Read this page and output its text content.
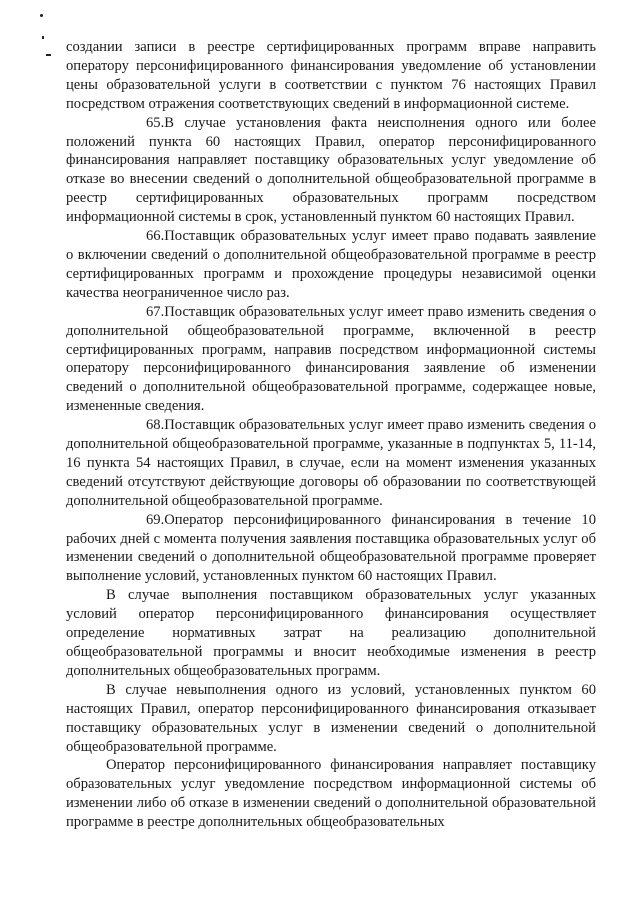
создании записи в реестре сертифицированных программ вправе направить оператору персонифицированного финансирования уведомление об установлении цены образовательной услуги в соответствии с пунктом 76 настоящих Правил посредством отражения соответствующих сведений в информационной системе.

65.В случае установления факта неисполнения одного или более положений пункта 60 настоящих Правил, оператор персонифицированного финансирования направляет поставщику образовательных услуг уведомление об отказе во внесении сведений о дополнительной общеобразовательной программе в реестр сертифицированных образовательных программ посредством информационной системы в срок, установленный пунктом 60 настоящих Правил.

66.Поставщик образовательных услуг имеет право подавать заявление о включении сведений о дополнительной общеобразовательной программе в реестр сертифицированных программ и прохождение процедуры независимой оценки качества неограниченное число раз.

67.Поставщик образовательных услуг имеет право изменить сведения о дополнительной общеобразовательной программе, включенной в реестр сертифицированных программ, направив посредством информационной системы оператору персонифицированного финансирования заявление об изменении сведений о дополнительной общеобразовательной программе, содержащее новые, измененные сведения.

68.Поставщик образовательных услуг имеет право изменить сведения о дополнительной общеобразовательной программе, указанные в подпунктах 5, 11-14, 16 пункта 54 настоящих Правил, в случае, если на момент изменения указанных сведений отсутствуют действующие договоры об образовании по соответствующей дополнительной общеобразовательной программе.

69.Оператор персонифицированного финансирования в течение 10 рабочих дней с момента получения заявления поставщика образовательных услуг об изменении сведений о дополнительной общеобразовательной программе проверяет выполнение условий, установленных пунктом 60 настоящих Правил.

В случае выполнения поставщиком образовательных услуг указанных условий оператор персонифицированного финансирования осуществляет определение нормативных затрат на реализацию дополнительной общеобразовательной программы и вносит необходимые изменения в реестр дополнительных общеобразовательных программ.

В случае невыполнения одного из условий, установленных пунктом 60 настоящих Правил, оператор персонифицированного финансирования отказывает поставщику образовательных услуг в изменении сведений о дополнительной общеобразовательной программе.

Оператор персонифицированного финансирования направляет поставщику образовательных услуг уведомление посредством информационной системы об изменении либо об отказе в изменении сведений о дополнительной образовательной программе в реестре дополнительных общеобразовательных
